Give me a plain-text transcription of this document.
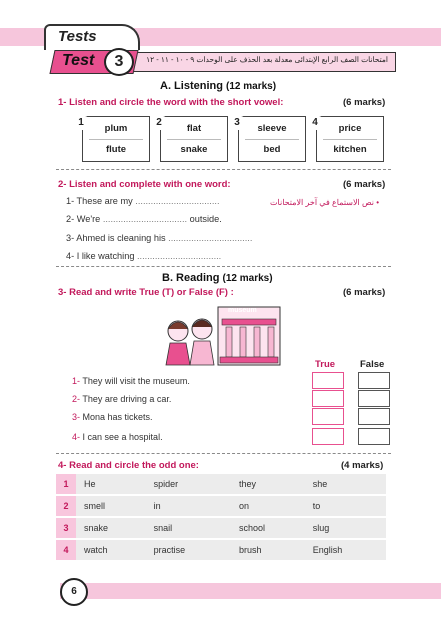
Tests
Test	3	امتحانات الصف الرابع الإبتدائى معدلة بعد الحذف على الوحدات ٩ - ١٠ - ١١ - ١٢
A. Listening (12 marks)
1- Listen and circle the word with the short vowel:	(6 marks)
plum
flute
1
flat
snake
2
sleeve
bed
3
price
kitchen
4
2- Listen and complete with one word:	(6 marks)
• نص الاستماع في آخر الامتحانات
1- These are my .................................
2- We're ................................. outside.
3- Ahmed is cleaning his .................................
4- I like watching .................................
B. Reading (12 marks)
3- Read and write True (T) or False (F) :	(6 marks)
museum
True	False
1- They will visit the museum.
2- They are driving a car.
3- Mona has tickets.
4- I can see a hospital.
4- Read and circle the odd one:	(4 marks)
1	He	spider	they	she
2	smell	in	on	to
3	snake	snail	school	slug
4	watch	practise	brush	English
6
